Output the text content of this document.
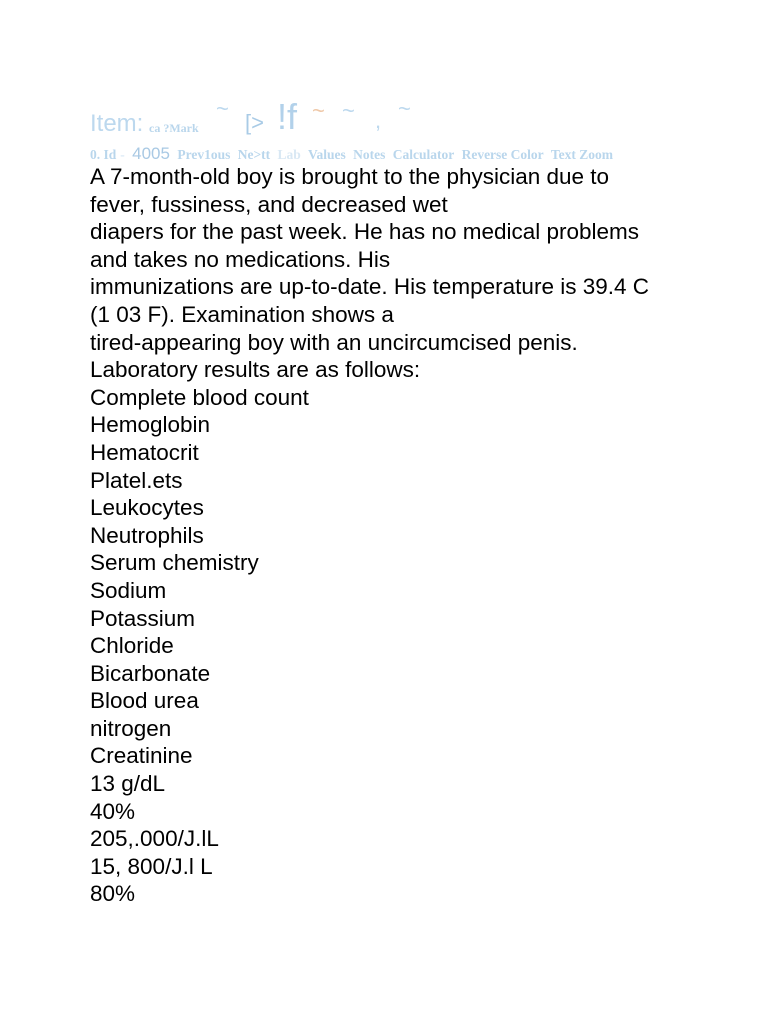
Item: ca ?Mark
~
[> !f ~ ~ , ~
0. Id - 4005 Prev1ous Ne>tt Lab Values Notes Calculator Reverse Color Text Zoom
A 7-month-old boy is brought to the physician due to
fever, fussiness, and decreased wet
diapers for the past week. He has no medical problems
and takes no medications. His
immunizations are up-to-date. His temperature is 39.4 C
(1 03 F). Examination shows a
tired-appearing boy with an uncircumcised penis.
Laboratory results are as follows:
Complete blood count
Hemoglobin
Hematocrit
Platel.ets
Leukocytes
Neutrophils
Serum chemistry
Sodium
Potassium
Chloride
Bicarbonate
Blood urea
nitrogen
Creatinine
13 g/dL
40%
205,.000/J.lL
15, 800/J.l L
80%
